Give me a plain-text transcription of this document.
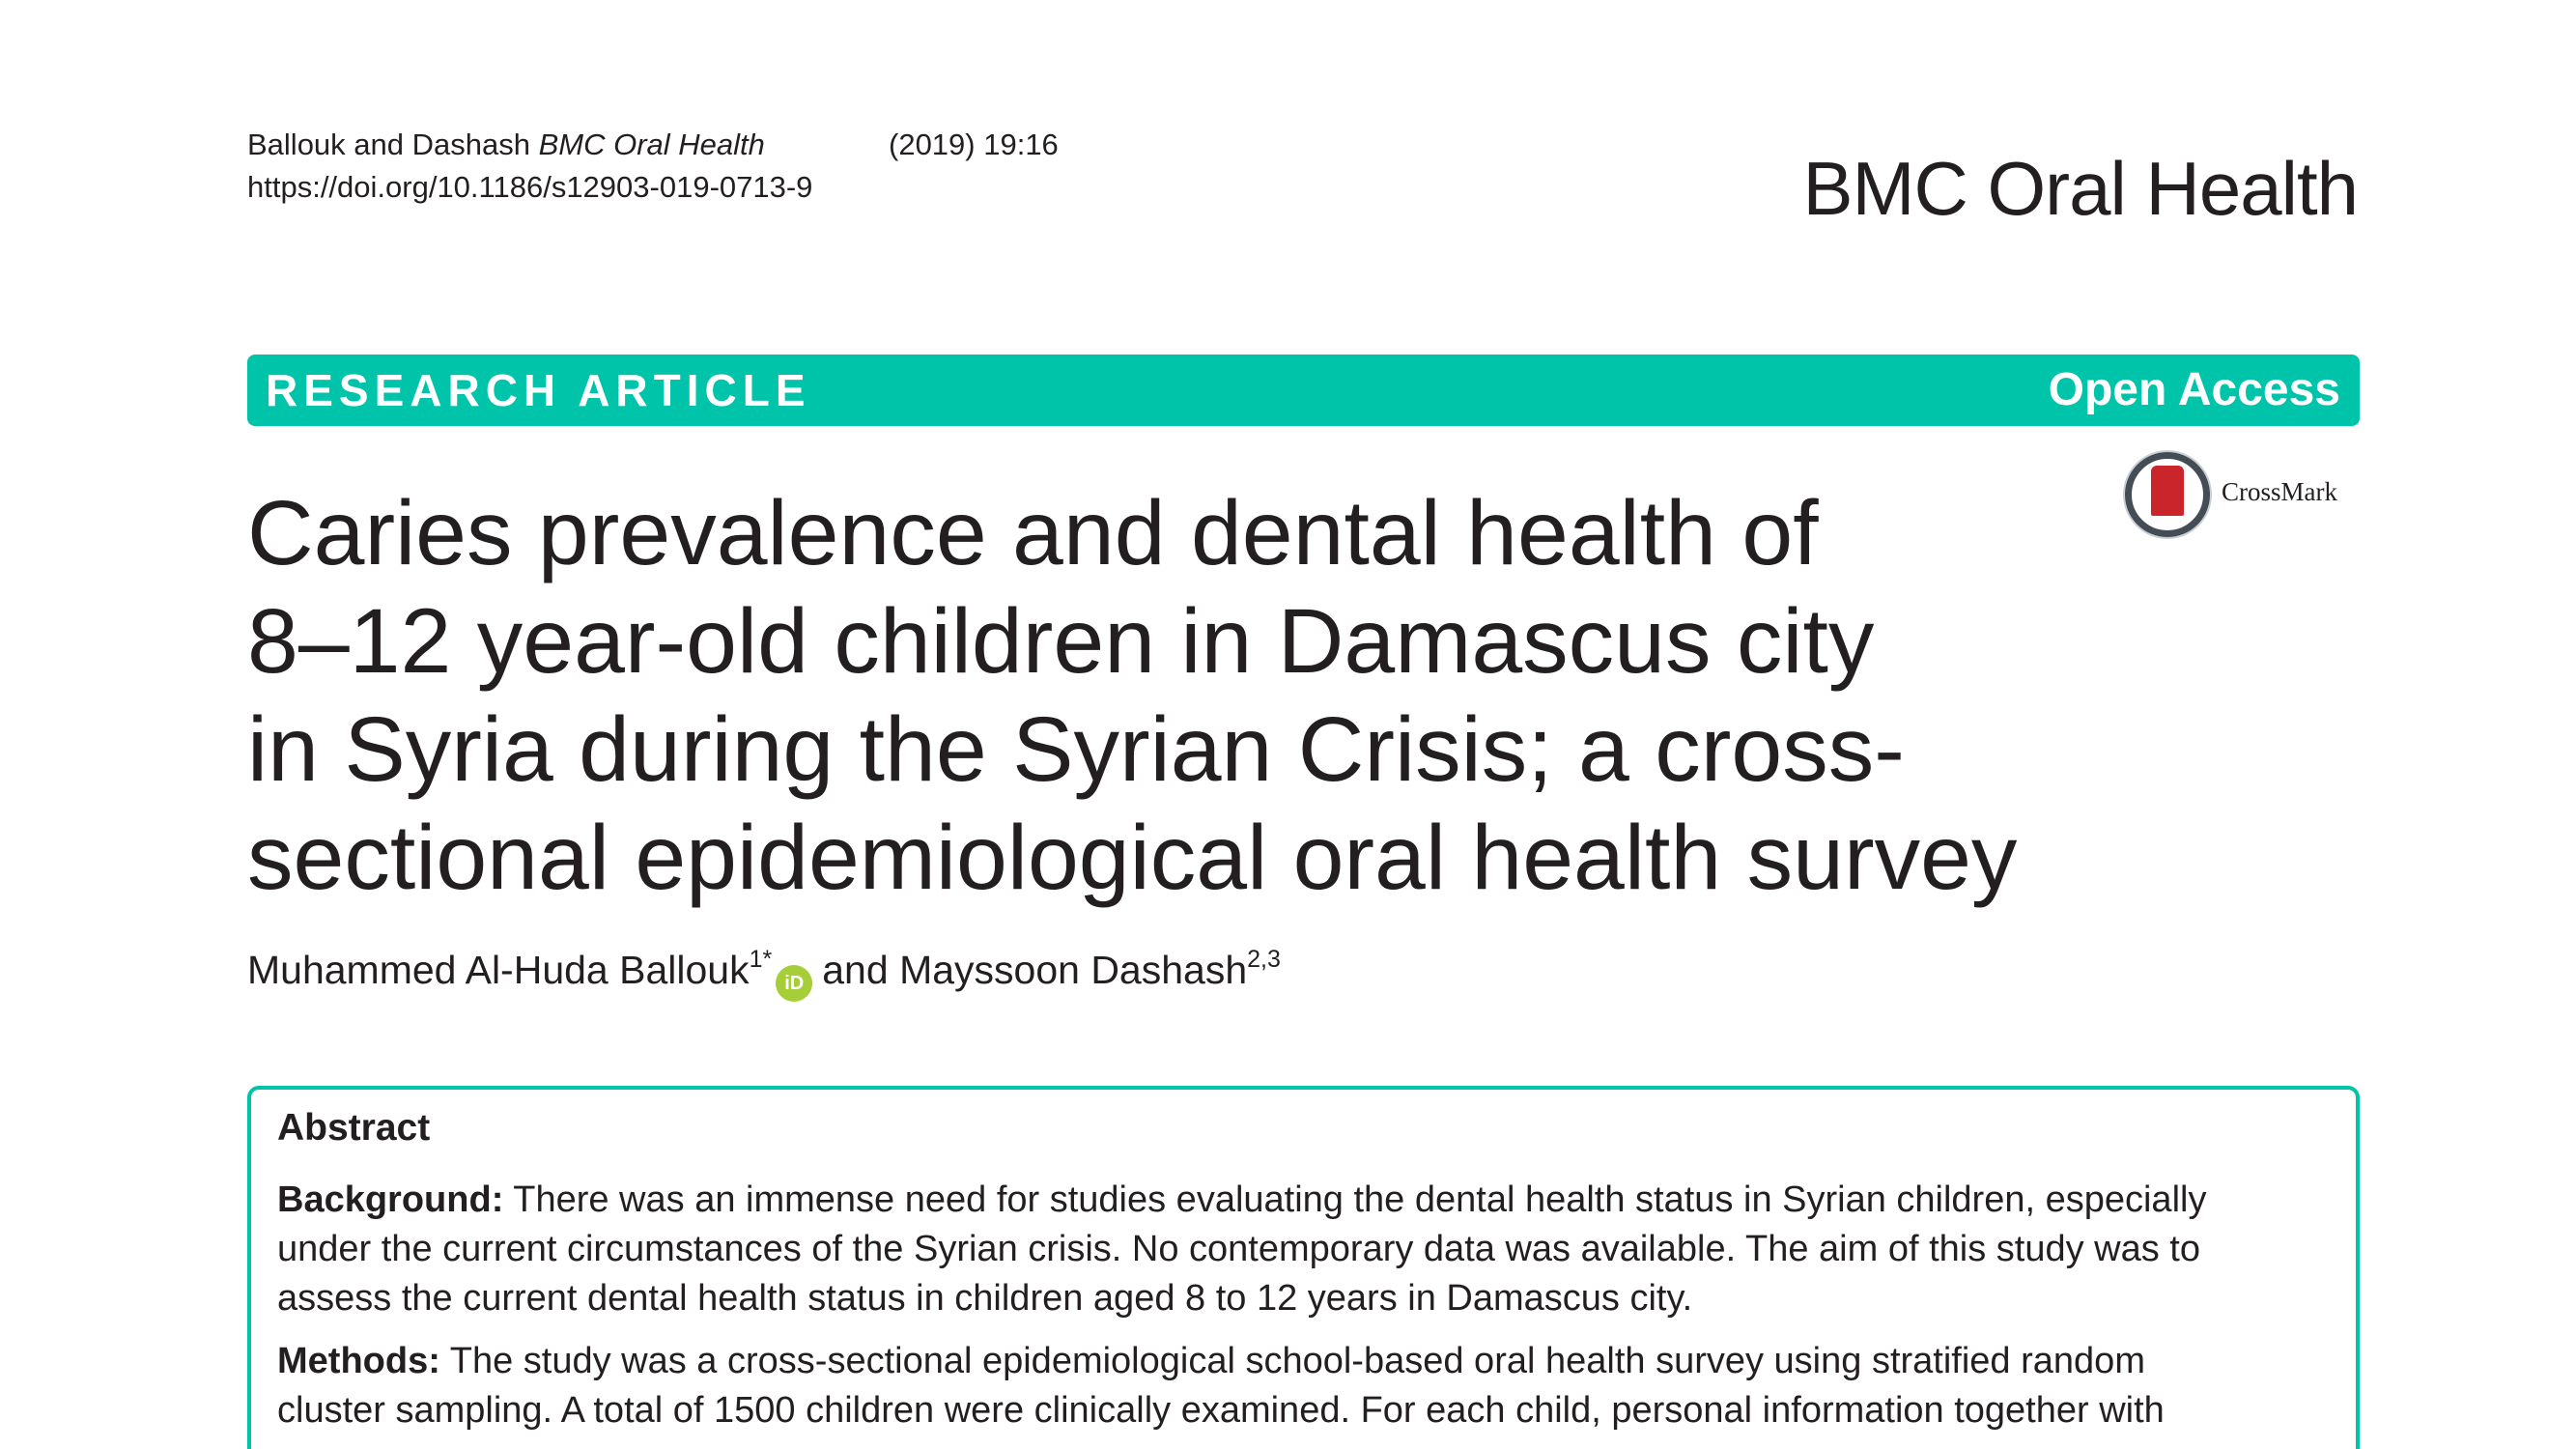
Ballouk and Dashash BMC Oral Health	(2019) 19:16
https://doi.org/10.1186/s12903-019-0713-9	BMC Oral Health
RESEARCH ARTICLE	Open Access
CrossMark
Caries prevalence and dental health of
8–12 year-old children in Damascus city
in Syria during the Syrian Crisis; a cross-
sectional epidemiological oral health survey
Muhammed Al-Huda Ballouk$^{1*}$iD and Mayssoon Dashash$^{2,3}$
Abstract
Background: There was an immense need for studies evaluating the dental health status in Syrian children, especially
under the current circumstances of the Syrian crisis. No contemporary data was available. The aim of this study was to
assess the current dental health status in children aged 8 to 12 years in Damascus city.
Methods: The study was a cross-sectional epidemiological school-based oral health survey using stratified random
cluster sampling. A total of 1500 children were clinically examined. For each child, personal information together with
